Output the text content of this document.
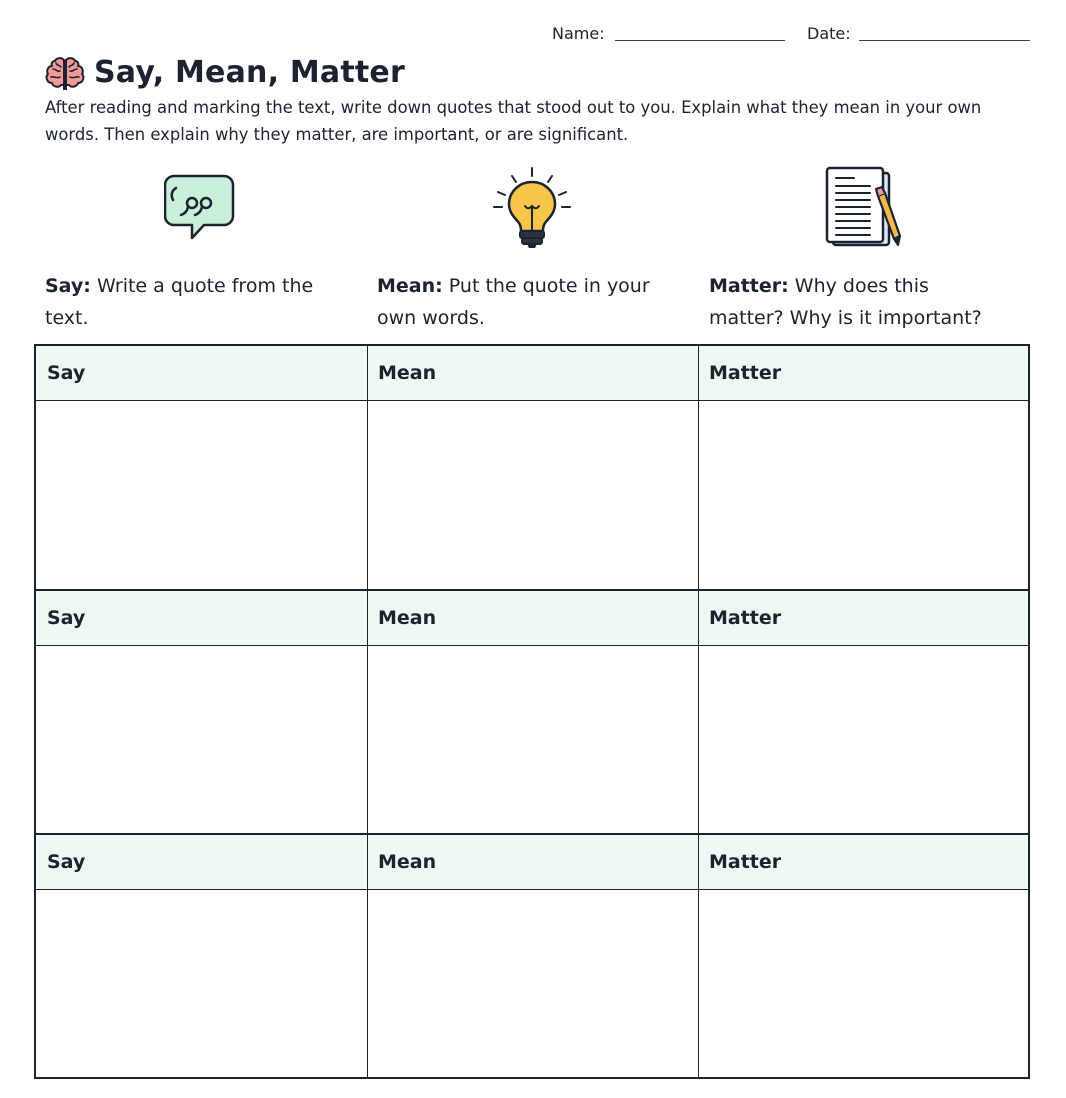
Name:	Date:
Say, Mean, Matter

After reading and marking the text, write down quotes that stood out to you. Explain what they mean in your own words. Then explain why they matter, are important, or are significant.

Say: Write a quote from the text.
Mean: Put the quote in your own words.
Matter: Why does this matter? Why is it important?
Say	Mean	Matter
Say	Mean	Matter
Say	Mean	Matter
